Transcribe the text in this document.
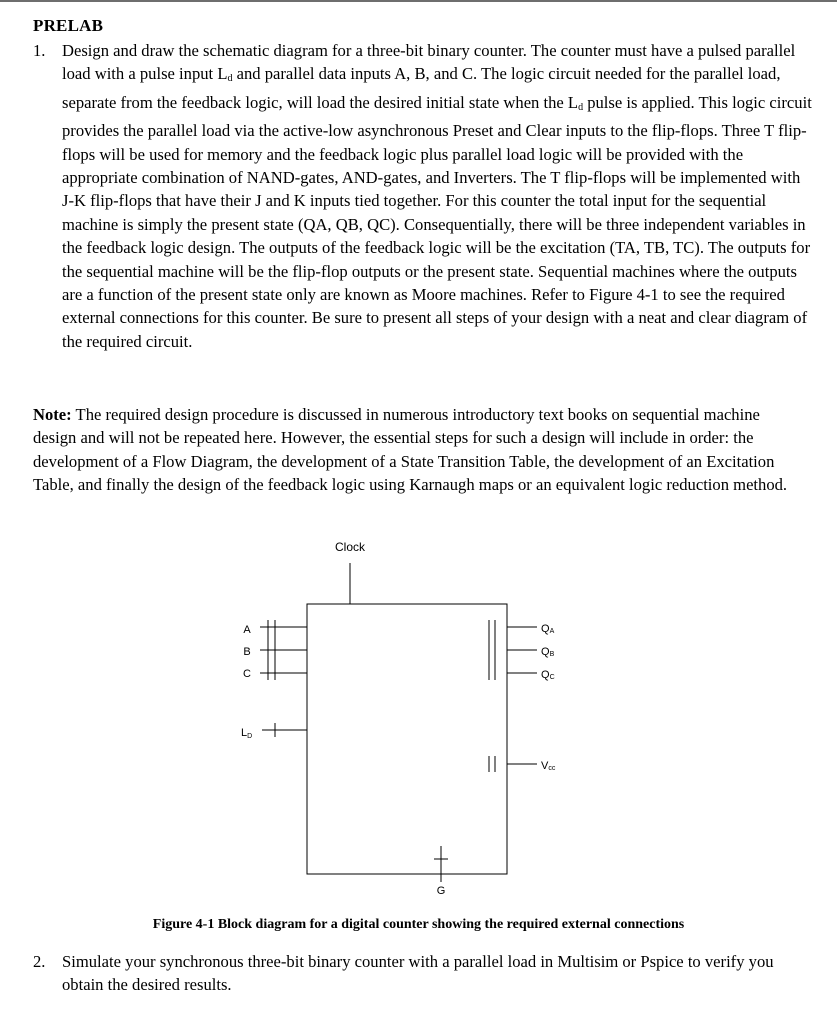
PRELAB
1. Design and draw the schematic diagram for a three-bit binary counter. The counter must have a pulsed parallel load with a pulse input $L_d$ and parallel data inputs A, B, and C. The logic circuit needed for the parallel load, separate from the feedback logic, will load the desired initial state when the $L_d$ pulse is applied. This logic circuit provides the parallel load via the active-low asynchronous Preset and Clear inputs to the flip-flops. Three T flip-flops will be used for memory and the feedback logic plus parallel load logic will be provided with the appropriate combination of NAND-gates, AND-gates, and Inverters. The T flip-flops will be implemented with J-K flip-flops that have their J and K inputs tied together. For this counter the total input for the sequential machine is simply the present state (QA, QB, QC). Consequentially, there will be three independent variables in the feedback logic design. The outputs of the feedback logic will be the excitation (TA, TB, TC). The outputs for the sequential machine will be the flip-flop outputs or the present state. Sequential machines where the outputs are a function of the present state only are known as Moore machines. Refer to Figure 4-1 to see the required external connections for this counter. Be sure to present all steps of your design with a neat and clear diagram of the required circuit.
Note: The required design procedure is discussed in numerous introductory text books on sequential machine design and will not be repeated here. However, the essential steps for such a design will include in order: the development of a Flow Diagram, the development of a State Transition Table, the development of an Excitation Table, and finally the design of the feedback logic using Karnaugh maps or an equivalent logic reduction method.
Clock
A
B
C
LD
QA
QB
QC
Vcc
G
Figure 4-1 Block diagram for a digital counter showing the required external connections
2. Simulate your synchronous three-bit binary counter with a parallel load in Multisim or Pspice to verify you obtain the desired results.
